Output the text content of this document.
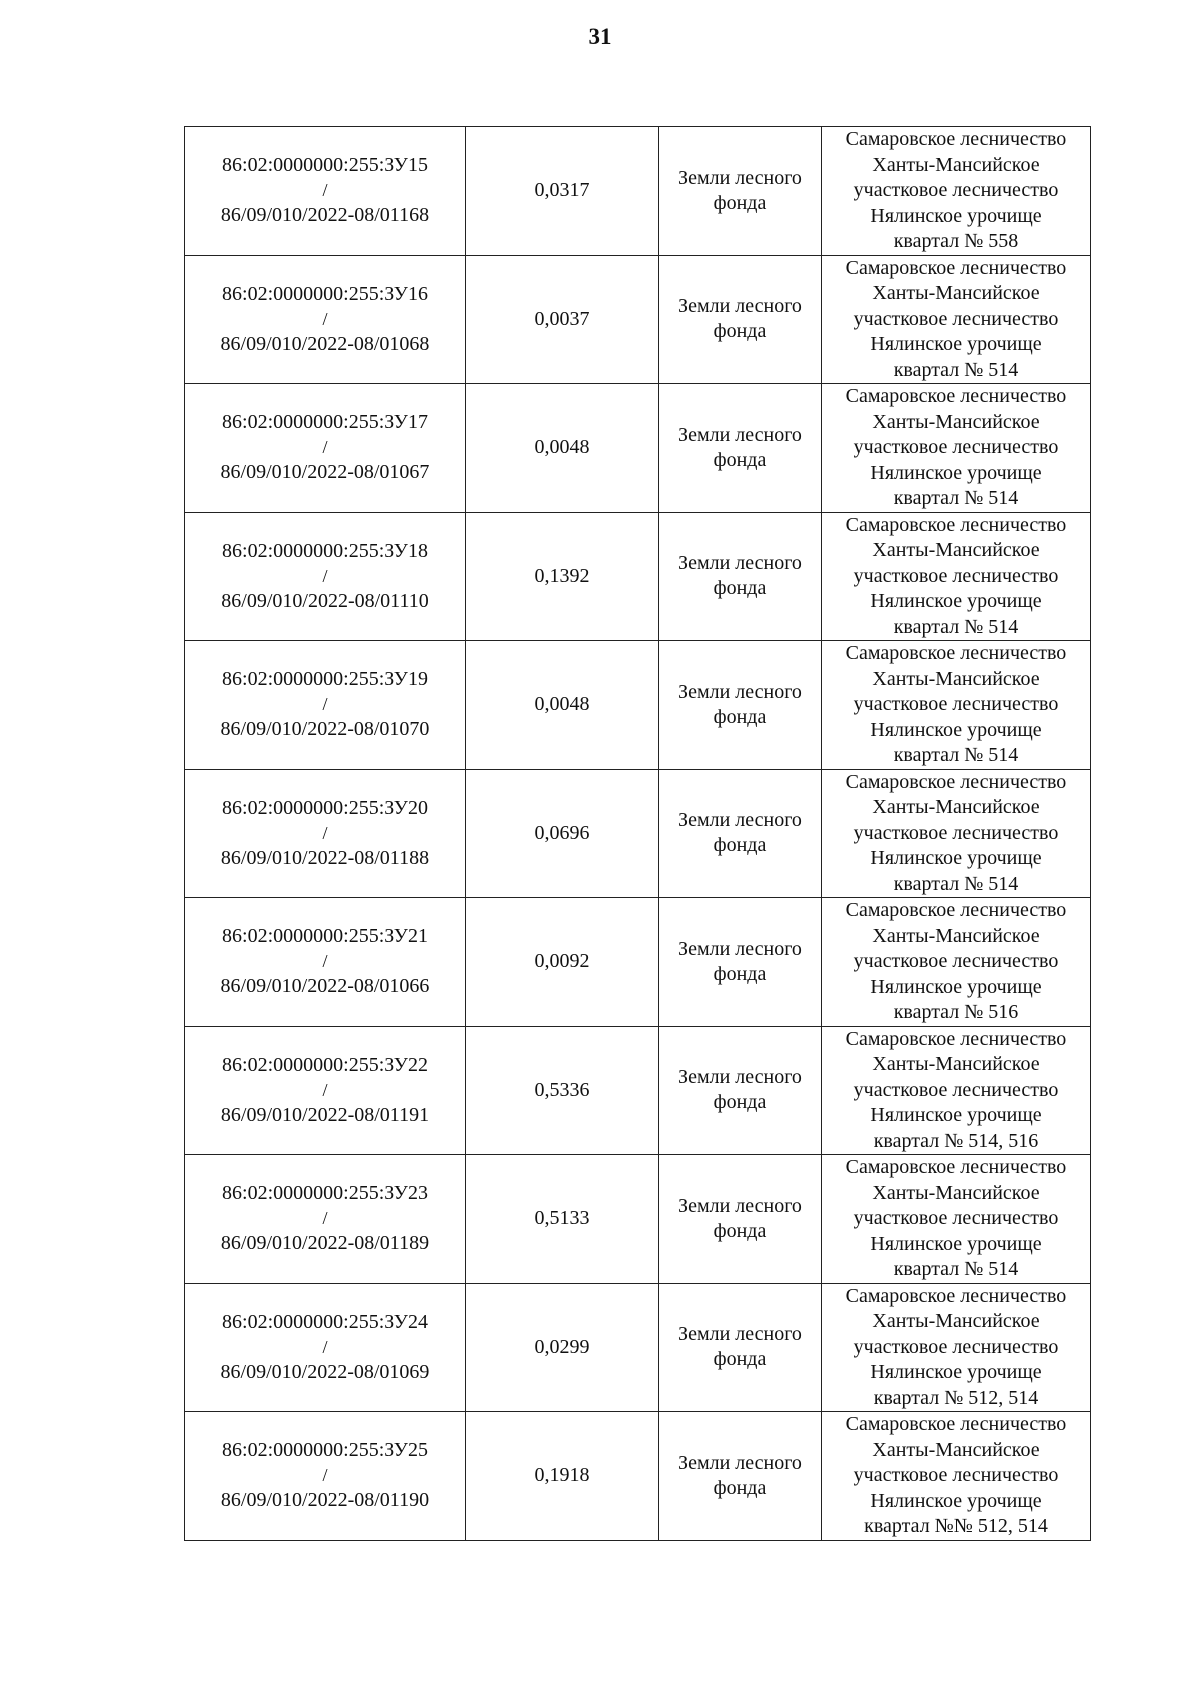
31
86:02:0000000:255:ЗУ15
/
86/09/010/2022-08/01168	0,0317	Земли лесного фонда	Самаровское лесничество
Ханты-Мансийское
участковое лесничество
Нялинское урочище
квартал № 558

86:02:0000000:255:ЗУ16
/
86/09/010/2022-08/01068	0,0037	Земли лесного фонда	Самаровское лесничество
Ханты-Мансийское
участковое лесничество
Нялинское урочище
квартал № 514

86:02:0000000:255:ЗУ17
/
86/09/010/2022-08/01067	0,0048	Земли лесного фонда	Самаровское лесничество
Ханты-Мансийское
участковое лесничество
Нялинское урочище
квартал № 514

86:02:0000000:255:ЗУ18
/
86/09/010/2022-08/01110	0,1392	Земли лесного фонда	Самаровское лесничество
Ханты-Мансийское
участковое лесничество
Нялинское урочище
квартал № 514

86:02:0000000:255:ЗУ19
/
86/09/010/2022-08/01070	0,0048	Земли лесного фонда	Самаровское лесничество
Ханты-Мансийское
участковое лесничество
Нялинское урочище
квартал № 514

86:02:0000000:255:ЗУ20
/
86/09/010/2022-08/01188	0,0696	Земли лесного фонда	Самаровское лесничество
Ханты-Мансийское
участковое лесничество
Нялинское урочище
квартал № 514

86:02:0000000:255:ЗУ21
/
86/09/010/2022-08/01066	0,0092	Земли лесного фонда	Самаровское лесничество
Ханты-Мансийское
участковое лесничество
Нялинское урочище
квартал № 516

86:02:0000000:255:ЗУ22
/
86/09/010/2022-08/01191	0,5336	Земли лесного фонда	Самаровское лесничество
Ханты-Мансийское
участковое лесничество
Нялинское урочище
квартал № 514, 516

86:02:0000000:255:ЗУ23
/
86/09/010/2022-08/01189	0,5133	Земли лесного фонда	Самаровское лесничество
Ханты-Мансийское
участковое лесничество
Нялинское урочище
квартал № 514

86:02:0000000:255:ЗУ24
/
86/09/010/2022-08/01069	0,0299	Земли лесного фонда	Самаровское лесничество
Ханты-Мансийское
участковое лесничество
Нялинское урочище
квартал № 512, 514

86:02:0000000:255:ЗУ25
/
86/09/010/2022-08/01190	0,1918	Земли лесного фонда	Самаровское лесничество
Ханты-Мансийское
участковое лесничество
Нялинское урочище
квартал №№ 512, 514
